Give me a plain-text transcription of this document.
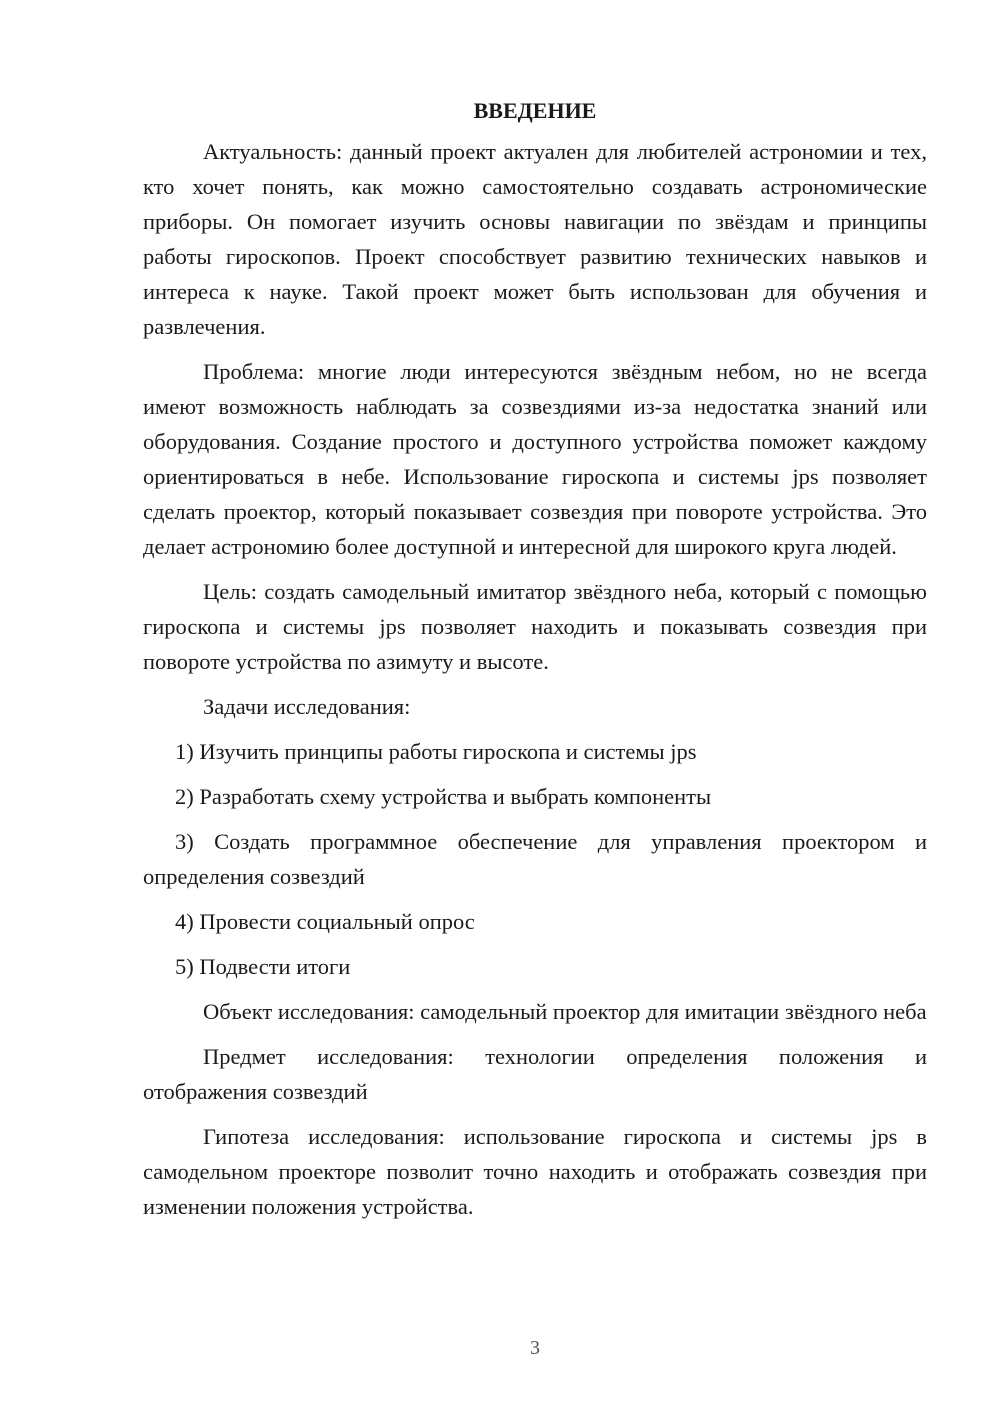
ВВЕДЕНИЕ

Актуальность: данный проект актуален для любителей астрономии и тех, кто хочет понять, как можно самостоятельно создавать астрономические приборы. Он помогает изучить основы навигации по звёздам и принципы работы гироскопов. Проект способствует развитию технических навыков и интереса к науке. Такой проект может быть использован для обучения и развлечения.

Проблема: многие люди интересуются звёздным небом, но не всегда имеют возможность наблюдать за созвездиями из-за недостатка знаний или оборудования. Создание простого и доступного устройства поможет каждому ориентироваться в небе. Использование гироскопа и системы jps позволяет сделать проектор, который показывает созвездия при повороте устройства. Это делает астрономию более доступной и интересной для широкого круга людей.

Цель: создать самодельный имитатор звёздного неба, который с помощью гироскопа и системы jps позволяет находить и показывать созвездия при повороте устройства по азимуту и высоте.

Задачи исследования:

1) Изучить принципы работы гироскопа и системы jps

2) Разработать схему устройства и выбрать компоненты

3) Создать программное обеспечение для управления проектором и определения созвездий

4) Провести социальный опрос

5) Подвести итоги

Объект исследования: самодельный проектор для имитации звёздного неба

Предмет исследования: технологии определения положения и отображения созвездий

Гипотеза исследования: использование гироскопа и системы jps в самодельном проекторе позволит точно находить и отображать созвездия при изменении положения устройства.

3
